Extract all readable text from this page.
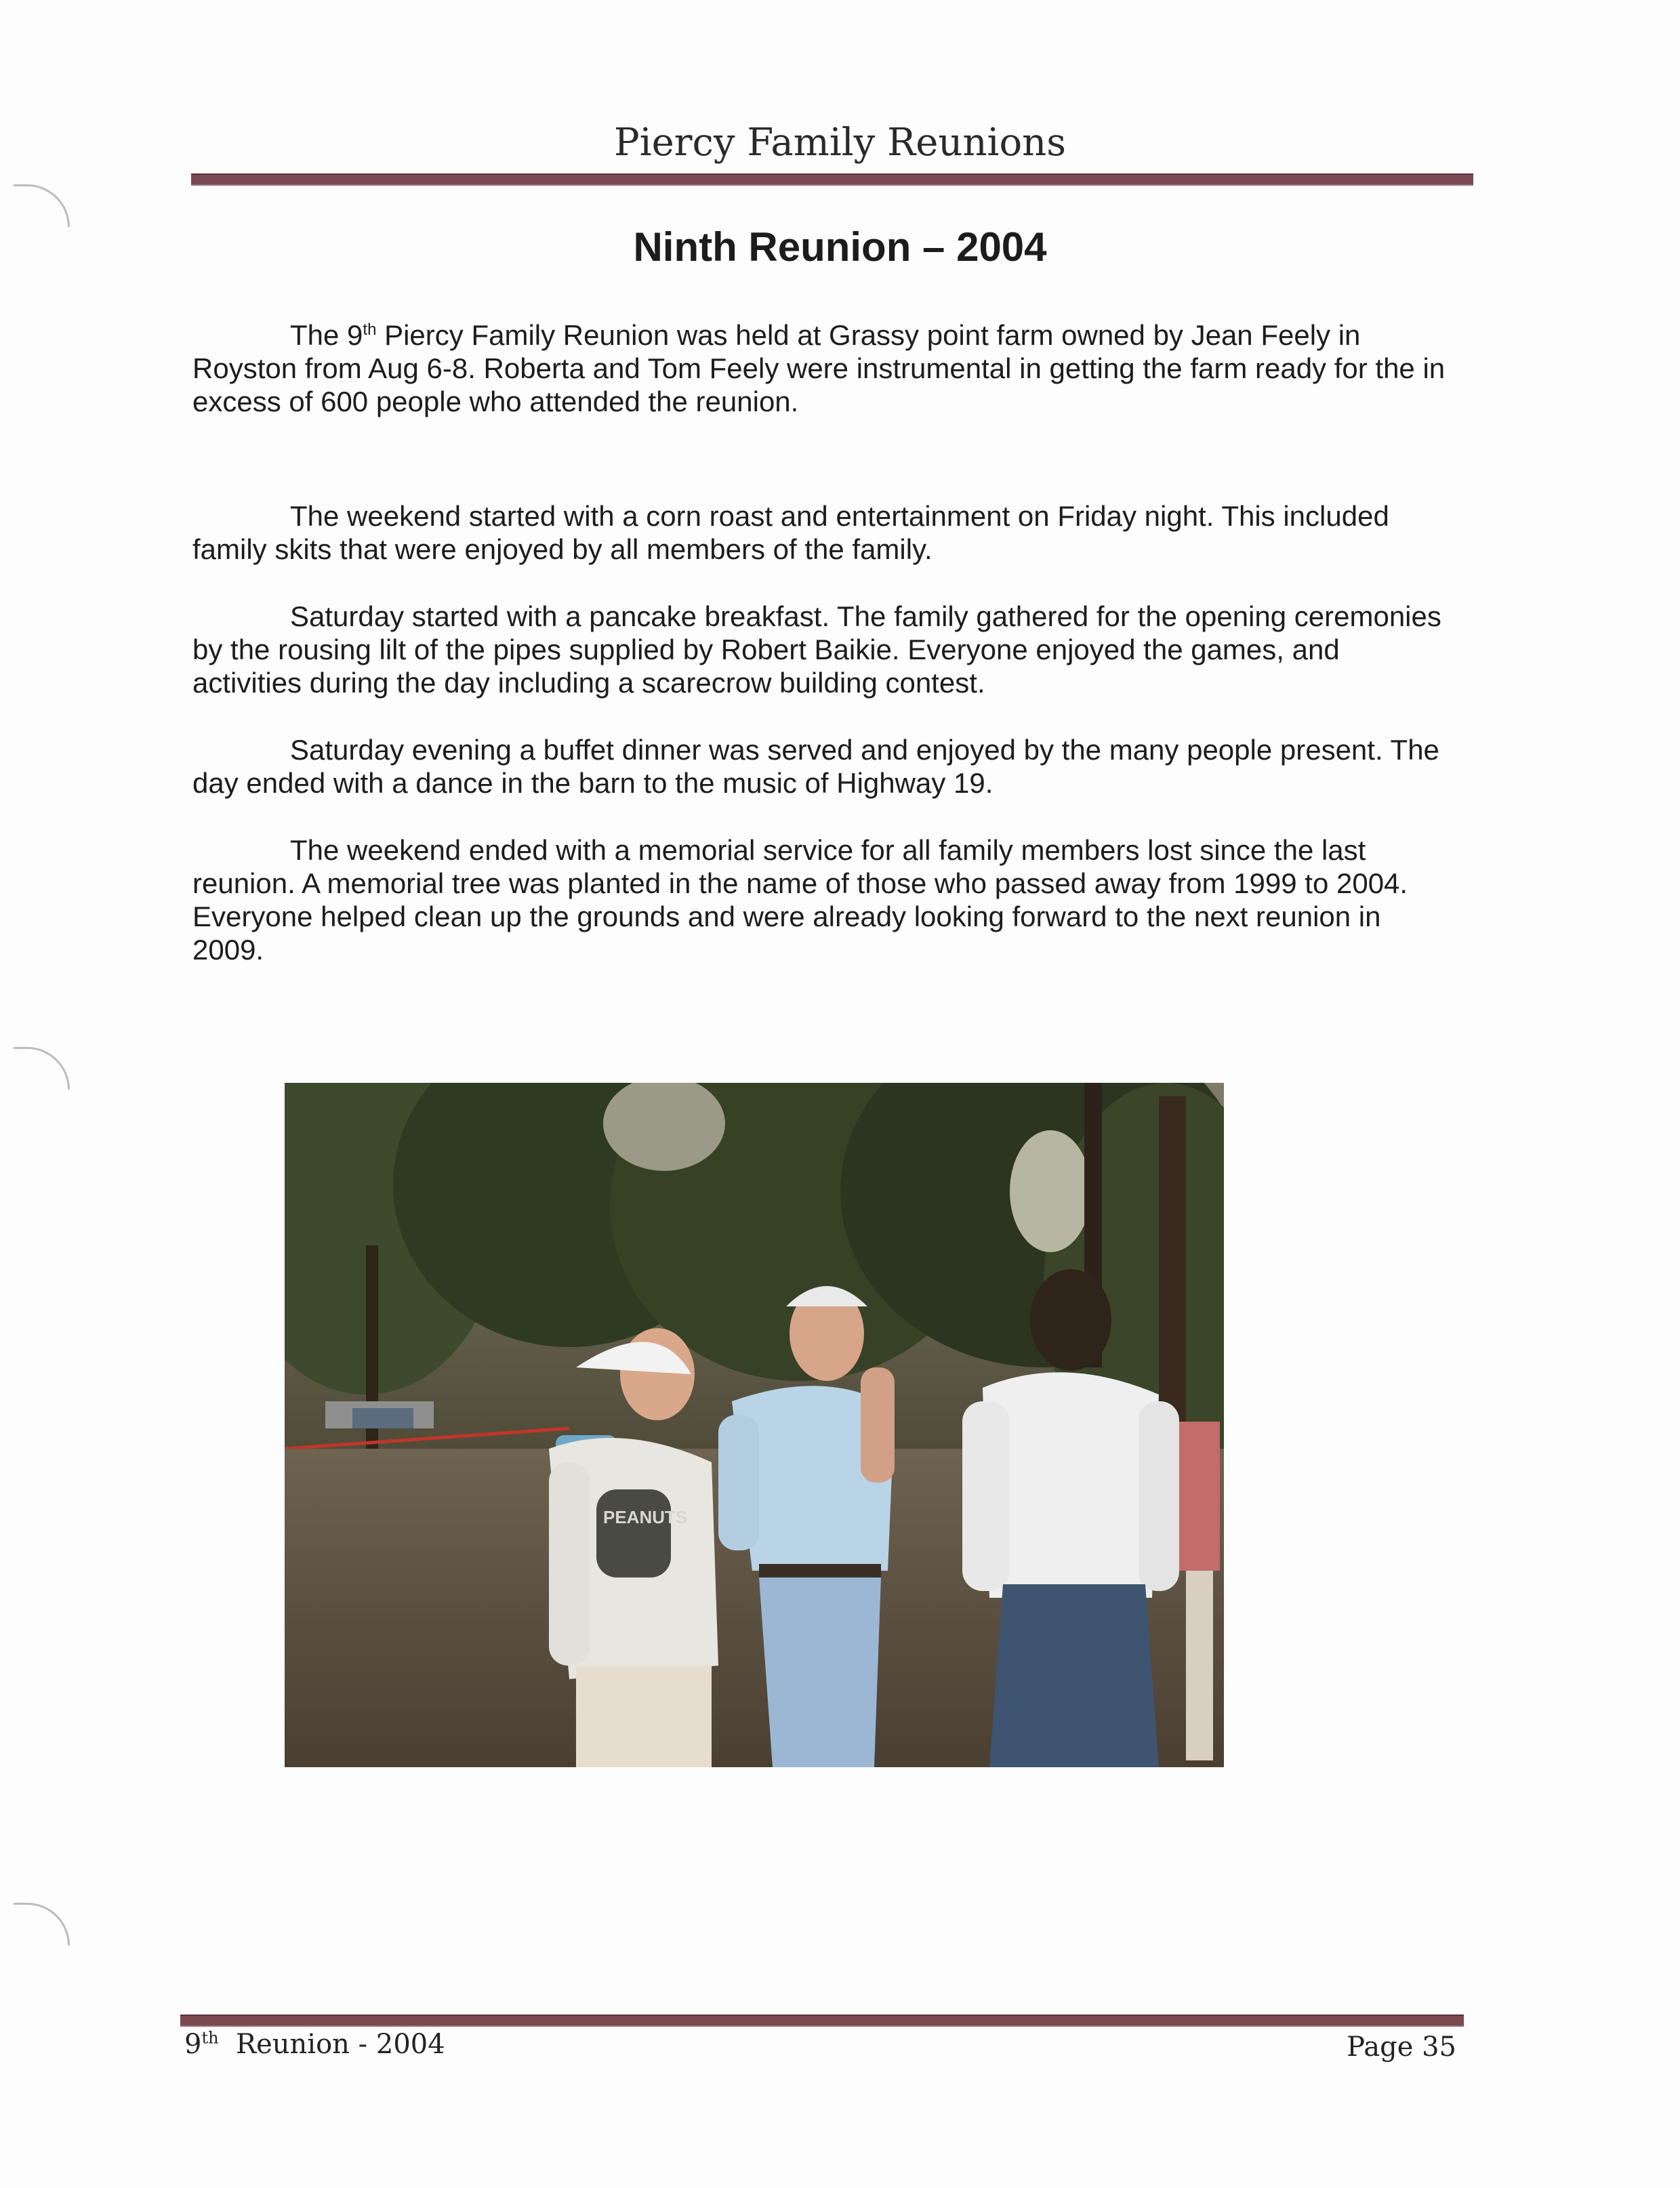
Piercy Family Reunions
Ninth Reunion – 2004

The 9th Piercy Family Reunion was held at Grassy point farm owned by Jean Feely in Royston from Aug 6-8. Roberta and Tom Feely were instrumental in getting the farm ready for the in excess of 600 people who attended the reunion.

The weekend started with a corn roast and entertainment on Friday night. This included family skits that were enjoyed by all members of the family.

Saturday started with a pancake breakfast. The family gathered for the opening ceremonies by the rousing lilt of the pipes supplied by Robert Baikie. Everyone enjoyed the games, and activities during the day including a scarecrow building contest.

Saturday evening a buffet dinner was served and enjoyed by the many people present. The day ended with a dance in the barn to the music of Highway 19.

The weekend ended with a memorial service for all family members lost since the last reunion. A memorial tree was planted in the name of those who passed away from 1999 to 2004. Everyone helped clean up the grounds and were already looking forward to the next reunion in 2009.

PEANUTS
9th  Reunion - 2004	Page 35
